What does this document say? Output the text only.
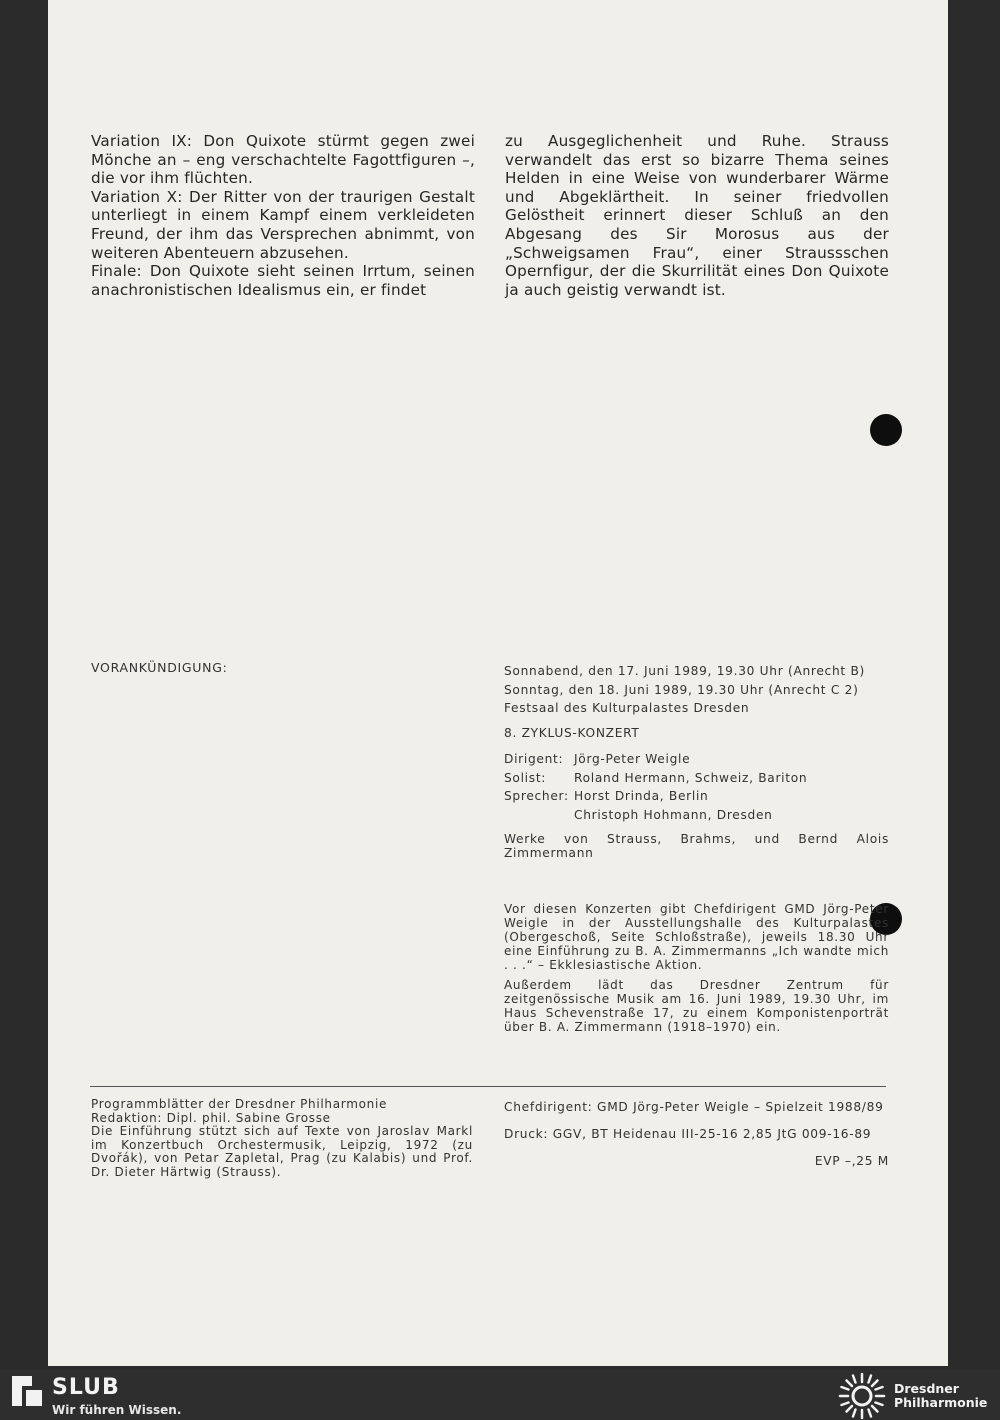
Variation IX: Don Quixote stürmt gegen zwei Mönche an – eng verschachtelte Fagottfiguren –, die vor ihm flüchten.

Variation X: Der Ritter von der traurigen Gestalt unterliegt in einem Kampf einem verkleideten Freund, der ihm das Versprechen abnimmt, von weiteren Abenteuern abzusehen.

Finale: Don Quixote sieht seinen Irrtum, seinen anachronistischen Idealismus ein, er findet

zu Ausgeglichenheit und Ruhe. Strauss verwandelt das erst so bizarre Thema seines Helden in eine Weise von wunderbarer Wärme und Abgeklärtheit. In seiner friedvollen Gelöstheit erinnert dieser Schluß an den Abgesang des Sir Morosus aus der „Schweigsamen Frau“, einer Straussschen Opernfigur, der die Skurrilität eines Don Quixote ja auch geistig verwandt ist.

VORANKÜNDIGUNG:	Sonnabend, den 17. Juni 1989, 19.30 Uhr (Anrecht B)

Sonntag, den 18. Juni 1989, 19.30 Uhr (Anrecht C 2)

Festsaal des Kulturpalastes Dresden

8. ZYKLUS-KONZERT

Dirigent: Jörg-Peter Weigle
Solist:	Roland Hermann, Schweiz, Bariton
Sprecher: Horst Drinda, Berlin
Christoph Hohmann, Dresden

Werke von Strauss, Brahms, und Bernd Alois Zimmermann

Vor diesen Konzerten gibt Chefdirigent GMD Jörg-Peter Weigle in der Ausstellungshalle des Kulturpalastes (Obergeschoß, Seite Schloßstraße), jeweils 18.30 Uhr eine Einführung zu B. A. Zimmermanns „Ich wandte mich . . .“ – Ekklesiastische Aktion.

Außerdem lädt das Dresdner Zentrum für zeitgenössische Musik am 16. Juni 1989, 19.30 Uhr, im Haus Schevenstraße 17, zu einem Komponistenporträt über B. A. Zimmermann (1918–1970) ein.

Programmblätter der Dresdner Philharmonie

Redaktion: Dipl. phil. Sabine Grosse

Die Einführung stützt sich auf Texte von Jaroslav Markl im Konzertbuch Orchestermusik, Leipzig, 1972 (zu Dvořák), von Petar Zapletal, Prag (zu Kalabis) und Prof. Dr. Dieter Härtwig (Strauss).

Chefdirigent: GMD Jörg-Peter Weigle – Spielzeit 1988/89

Druck: GGV, BT Heidenau III-25-16 2,85 JtG 009-16-89

EVP –,25 M

SLUB
Wir führen Wissen.
Dresdner
Philharmonie
